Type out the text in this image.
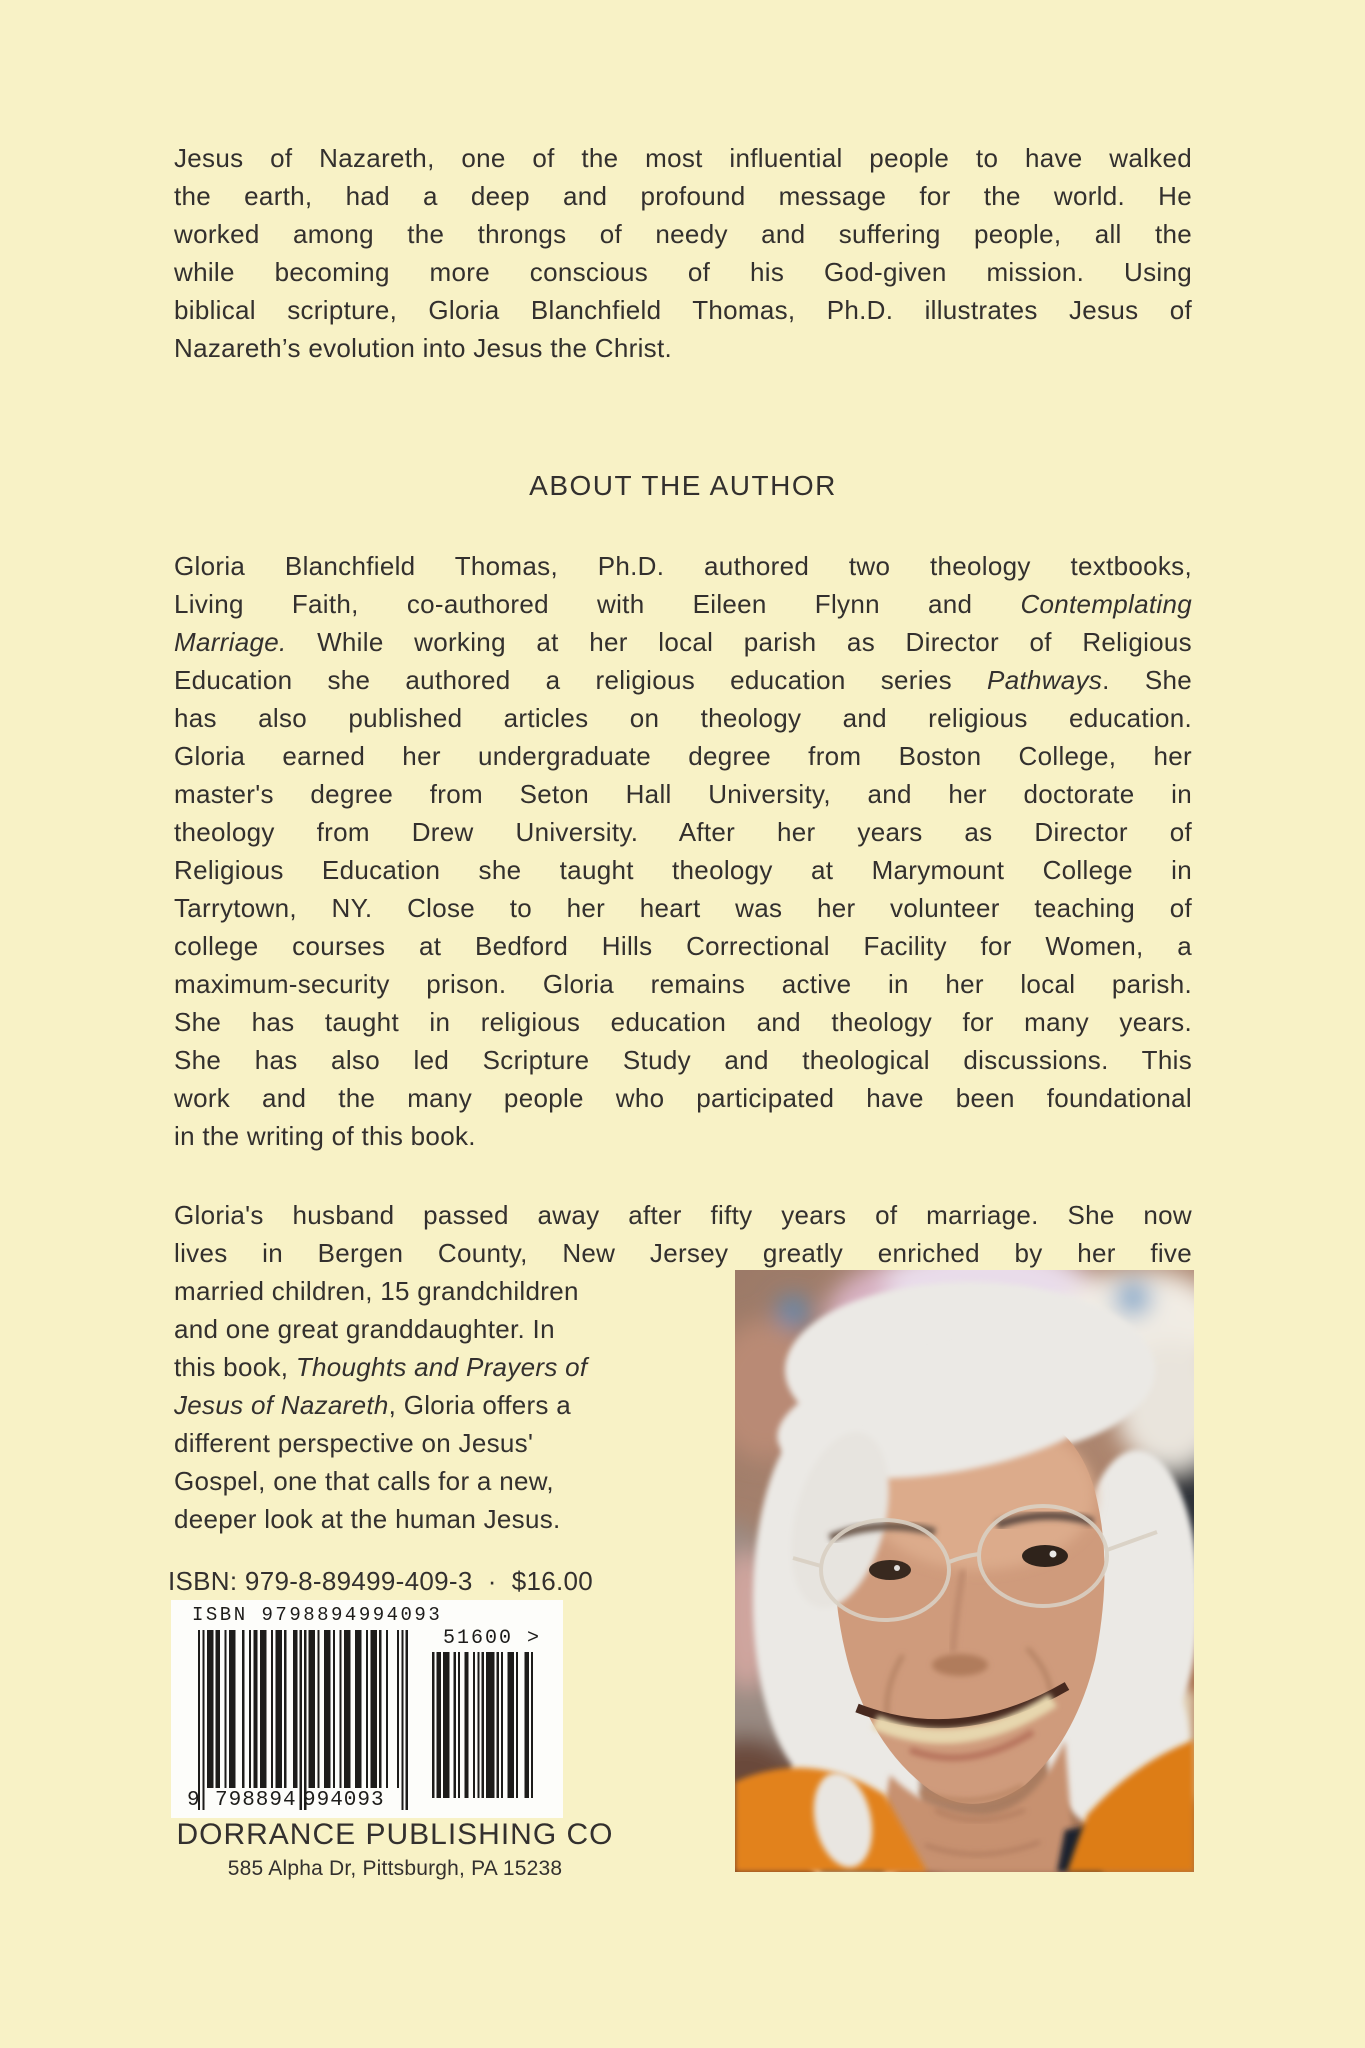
Jesus of Nazareth, one of the most influential people to have walked
the earth, had a deep and profound message for the world. He
worked among the throngs of needy and suffering people, all the
while becoming more conscious of his God-given mission. Using
biblical scripture, Gloria Blanchfield Thomas, Ph.D. illustrates Jesus of
Nazareth’s evolution into Jesus the Christ.
ABOUT THE AUTHOR
Gloria Blanchfield Thomas, Ph.D. authored two theology textbooks,
Living Faith, co-authored with Eileen Flynn and Contemplating
Marriage. While working at her local parish as Director of Religious
Education she authored a religious education series Pathways. She
has also published articles on theology and religious education.
Gloria earned her undergraduate degree from Boston College, her
master's degree from Seton Hall University, and her doctorate in
theology from Drew University. After her years as Director of
Religious Education she taught theology at Marymount College in
Tarrytown, NY. Close to her heart was her volunteer teaching of
college courses at Bedford Hills Correctional Facility for Women, a
maximum-security prison. Gloria remains active in her local parish.
She has taught in religious education and theology for many years.
She has also led Scripture Study and theological discussions. This
work and the many people who participated have been foundational
in the writing of this book.
Gloria's husband passed away after fifty years of marriage. She now
lives in Bergen County, New Jersey greatly enriched by her five
married children, 15 grandchildren
and one great granddaughter. In
this book, Thoughts and Prayers of
Jesus of Nazareth, Gloria offers a
different perspective on Jesus'
Gospel, one that calls for a new,
deeper look at the human Jesus.
ISBN: 979-8-89499-409-3  ·  $16.00
ISBN 9798894994093
51600 >
9 798894 994093
DORRANCE PUBLISHING CO
585 Alpha Dr, Pittsburgh, PA 15238
